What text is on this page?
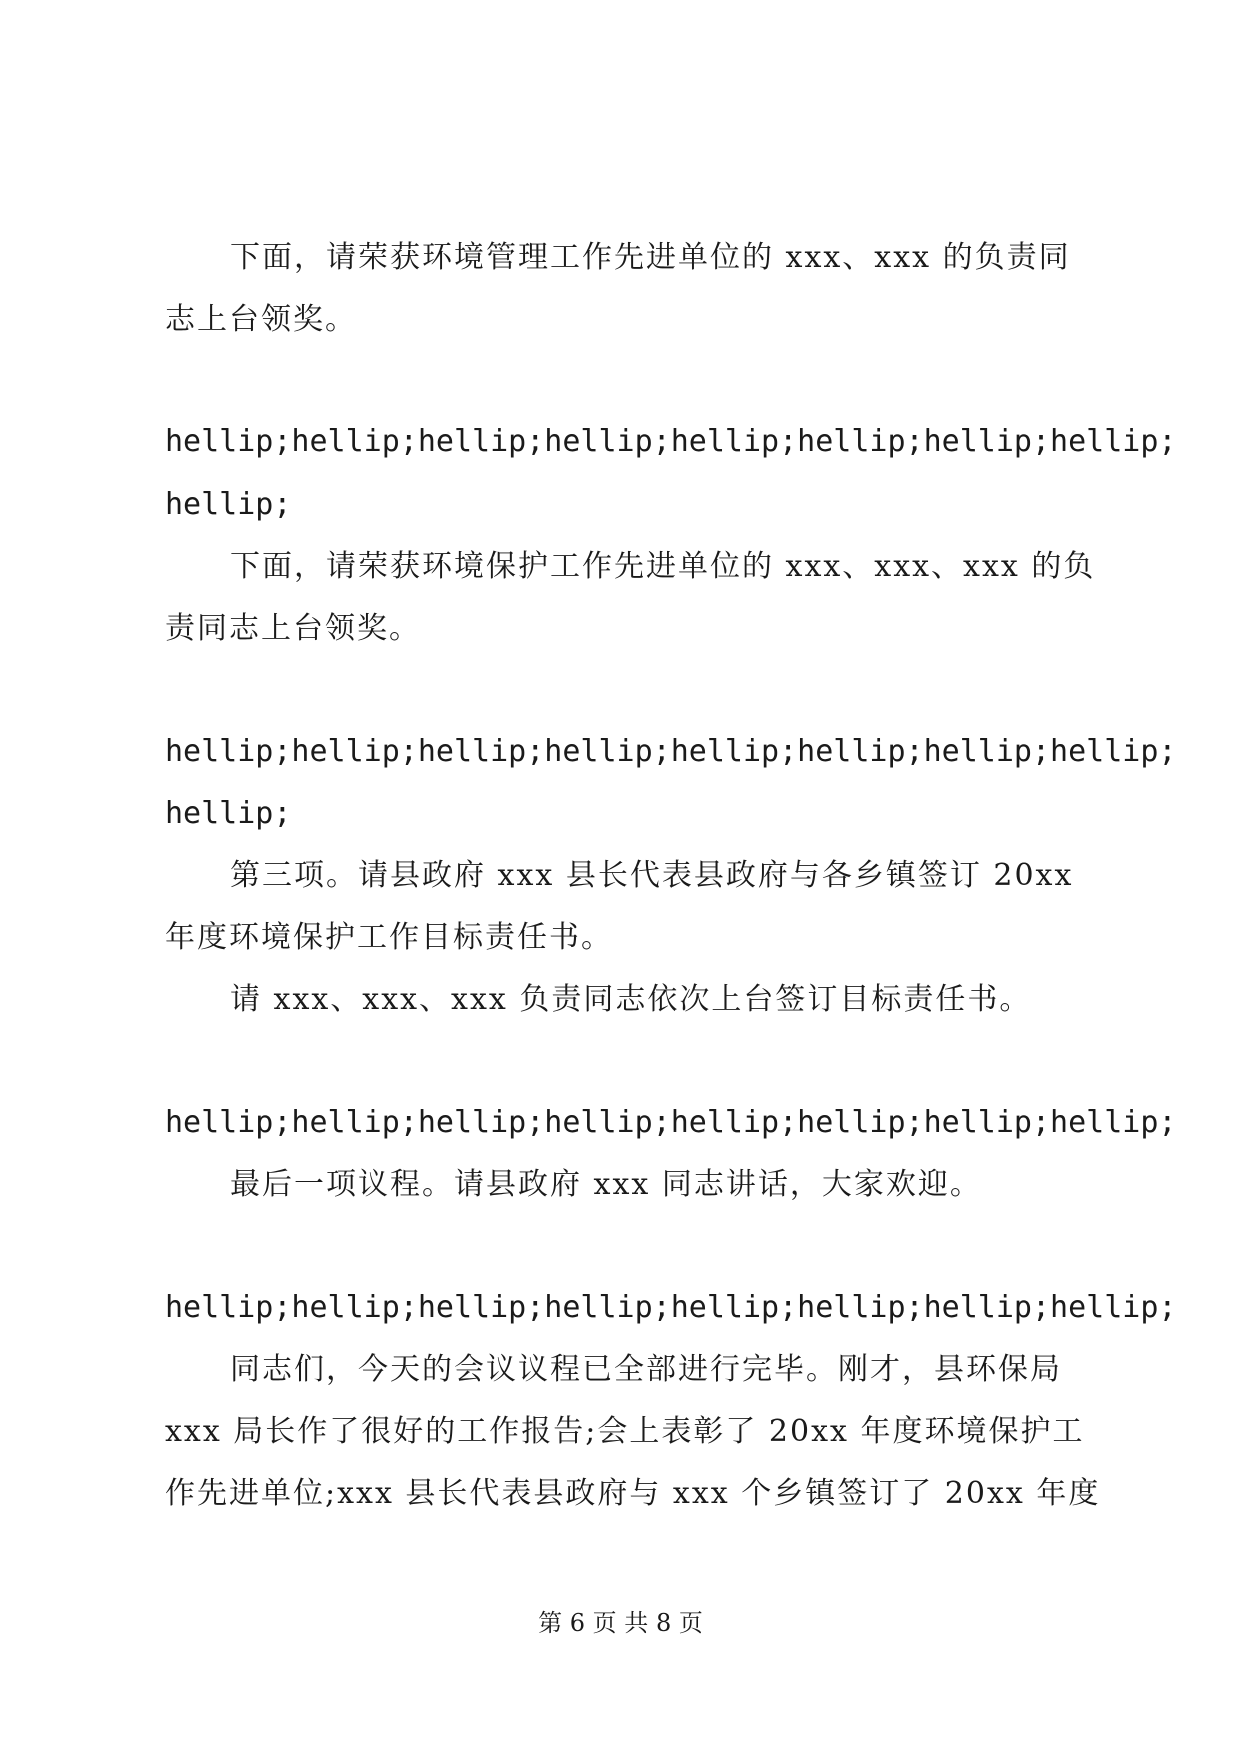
下面，请荣获环境管理工作先进单位的 xxx、xxx 的负责同
志上台领奖。
hellip;hellip;hellip;hellip;hellip;hellip;hellip;hellip;
hellip;
下面，请荣获环境保护工作先进单位的 xxx、xxx、xxx 的负
责同志上台领奖。
hellip;hellip;hellip;hellip;hellip;hellip;hellip;hellip;
hellip;
第三项。请县政府 xxx 县长代表县政府与各乡镇签订 20xx
年度环境保护工作目标责任书。
请 xxx、xxx、xxx 负责同志依次上台签订目标责任书。
hellip;hellip;hellip;hellip;hellip;hellip;hellip;hellip;
最后一项议程。请县政府 xxx 同志讲话，大家欢迎。
hellip;hellip;hellip;hellip;hellip;hellip;hellip;hellip;
同志们，今天的会议议程已全部进行完毕。刚才，县环保局
xxx 局长作了很好的工作报告;会上表彰了 20xx 年度环境保护工
作先进单位;xxx 县长代表县政府与 xxx 个乡镇签订了 20xx 年度
第 6 页 共 8 页
